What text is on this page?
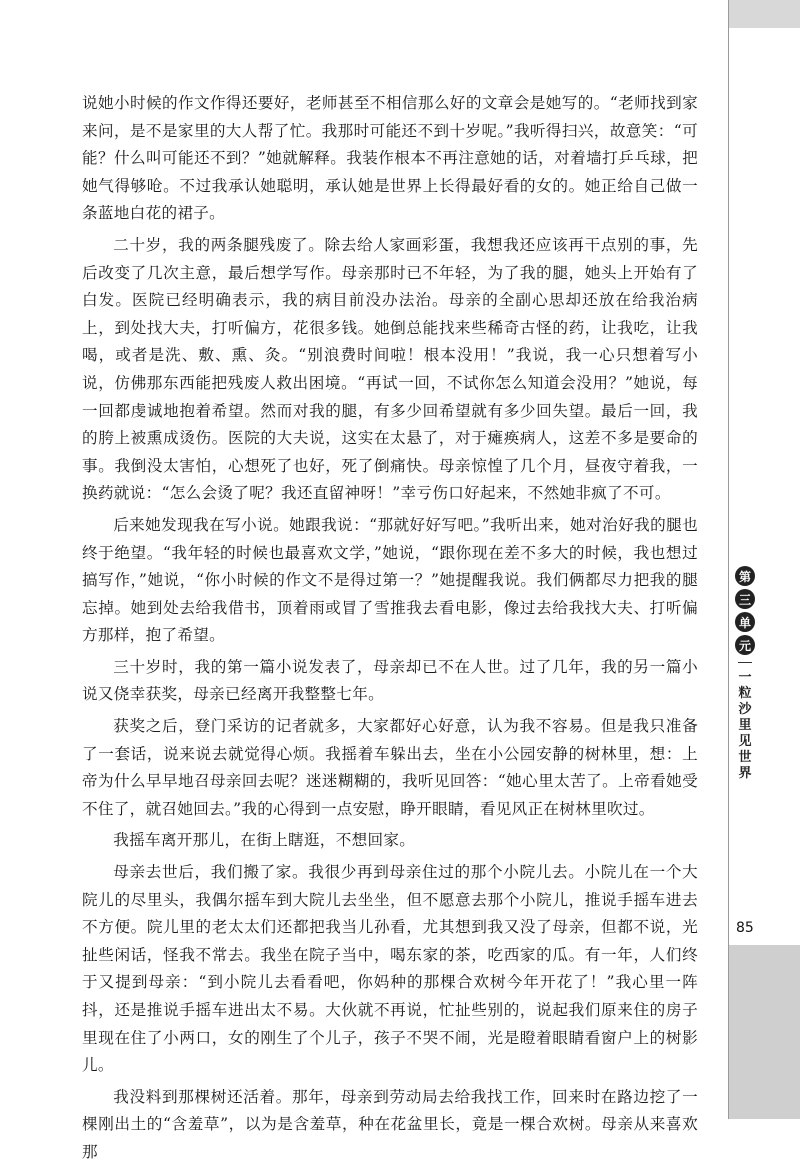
说她小时候的作文作得还要好，老师甚至不相信那么好的文章会是她写的。“老师找到家来问，是不是家里的大人帮了忙。我那时可能还不到十岁呢。”我听得扫兴，故意笑：“可能？什么叫可能还不到？”她就解释。我装作根本不再注意她的话，对着墙打乒乓球，把她气得够呛。不过我承认她聪明，承认她是世界上长得最好看的女的。她正给自己做一条蓝地白花的裙子。

二十岁，我的两条腿残废了。除去给人家画彩蛋，我想我还应该再干点别的事，先后改变了几次主意，最后想学写作。母亲那时已不年轻，为了我的腿，她头上开始有了白发。医院已经明确表示，我的病目前没办法治。母亲的全副心思却还放在给我治病上，到处找大夫，打听偏方，花很多钱。她倒总能找来些稀奇古怪的药，让我吃，让我喝，或者是洗、敷、熏、灸。“别浪费时间啦！根本没用！”我说，我一心只想着写小说，仿佛那东西能把残废人救出困境。“再试一回，不试你怎么知道会没用？”她说，每一回都虔诚地抱着希望。然而对我的腿，有多少回希望就有多少回失望。最后一回，我的胯上被熏成烫伤。医院的大夫说，这实在太悬了，对于瘫痪病人，这差不多是要命的事。我倒没太害怕，心想死了也好，死了倒痛快。母亲惊惶了几个月，昼夜守着我，一换药就说：“怎么会烫了呢？我还直留神呀！”幸亏伤口好起来，不然她非疯了不可。

后来她发现我在写小说。她跟我说：“那就好好写吧。”我听出来，她对治好我的腿也终于绝望。“我年轻的时候也最喜欢文学，”她说，“跟你现在差不多大的时候，我也想过搞写作，”她说，“你小时候的作文不是得过第一？”她提醒我说。我们俩都尽力把我的腿忘掉。她到处去给我借书，顶着雨或冒了雪推我去看电影，像过去给我找大夫、打听偏方那样，抱了希望。

三十岁时，我的第一篇小说发表了，母亲却已不在人世。过了几年，我的另一篇小说又侥幸获奖，母亲已经离开我整整七年。

获奖之后，登门采访的记者就多，大家都好心好意，认为我不容易。但是我只准备了一套话，说来说去就觉得心烦。我摇着车躲出去，坐在小公园安静的树林里，想：上帝为什么早早地召母亲回去呢？迷迷糊糊的，我听见回答：“她心里太苦了。上帝看她受不住了，就召她回去。”我的心得到一点安慰，睁开眼睛，看见风正在树林里吹过。

我摇车离开那儿，在街上瞎逛，不想回家。

母亲去世后，我们搬了家。我很少再到母亲住过的那个小院儿去。小院儿在一个大院儿的尽里头，我偶尔摇车到大院儿去坐坐，但不愿意去那个小院儿，推说手摇车进去不方便。院儿里的老太太们还都把我当儿孙看，尤其想到我又没了母亲，但都不说，光扯些闲话，怪我不常去。我坐在院子当中，喝东家的茶，吃西家的瓜。有一年，人们终于又提到母亲：“到小院儿去看看吧，你妈种的那棵合欢树今年开花了！”我心里一阵抖，还是推说手摇车进出太不易。大伙就不再说，忙扯些别的，说起我们原来住的房子里现在住了小两口，女的刚生了个儿子，孩子不哭不闹，光是瞪着眼睛看窗户上的树影儿。

我没料到那棵树还活着。那年，母亲到劳动局去给我找工作，回来时在路边挖了一棵刚出土的“含羞草”，以为是含羞草，种在花盆里长，竟是一棵合欢树。母亲从来喜欢那

第
三
单
元
一粒沙里见世界
85
